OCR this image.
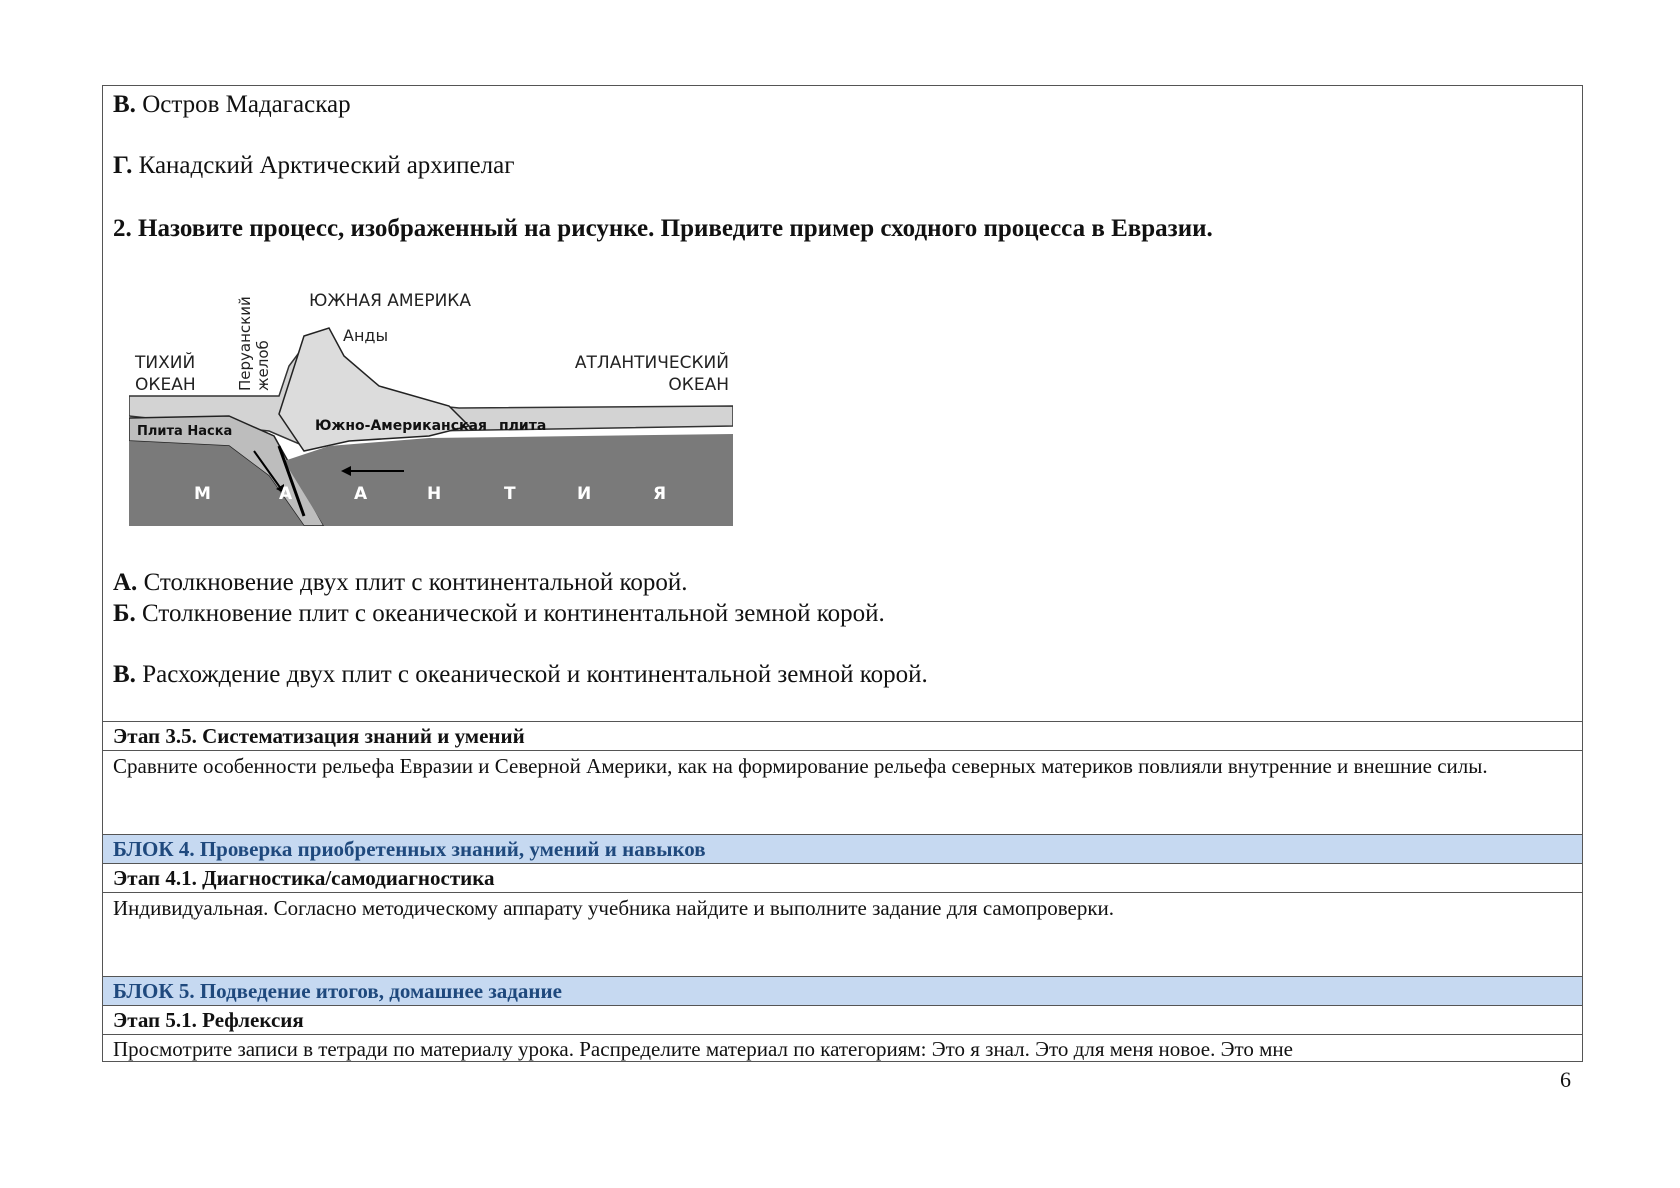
В. Остров Мадагаскар
Г. Канадский Арктический архипелаг
2. Назовите процесс, изображенный на рисунке. Приведите пример сходного процесса в Евразии.
ЮЖНАЯ АМЕРИКА
Анды
Перуанский желоб
ТИХИЙ
ОКЕАН
АТЛАНТИЧЕСКИЙ
ОКЕАН
Плита Наска	Южно-Американская плита
М	А	А	Н	Т	И	Я
А. Столкновение двух плит с континентальной корой.
Б. Столкновение плит с океанической и континентальной земной корой.
В. Расхождение двух плит с океанической и континентальной земной корой.
Этап 3.5. Систематизация знаний и умений
Сравните особенности рельефа Евразии и Северной Америки, как на формирование рельефа северных материков повлияли внутренние и внешние силы.
БЛОК 4. Проверка приобретенных знаний, умений и навыков
Этап 4.1. Диагностика/самодиагностика
Индивидуальная. Согласно методическому аппарату учебника найдите и выполните задание для самопроверки.
БЛОК 5. Подведение итогов, домашнее задание
Этап 5.1. Рефлексия
Просмотрите записи в тетради по материалу урока. Распределите материал по категориям: Это я знал. Это для меня новое. Это мне
6
